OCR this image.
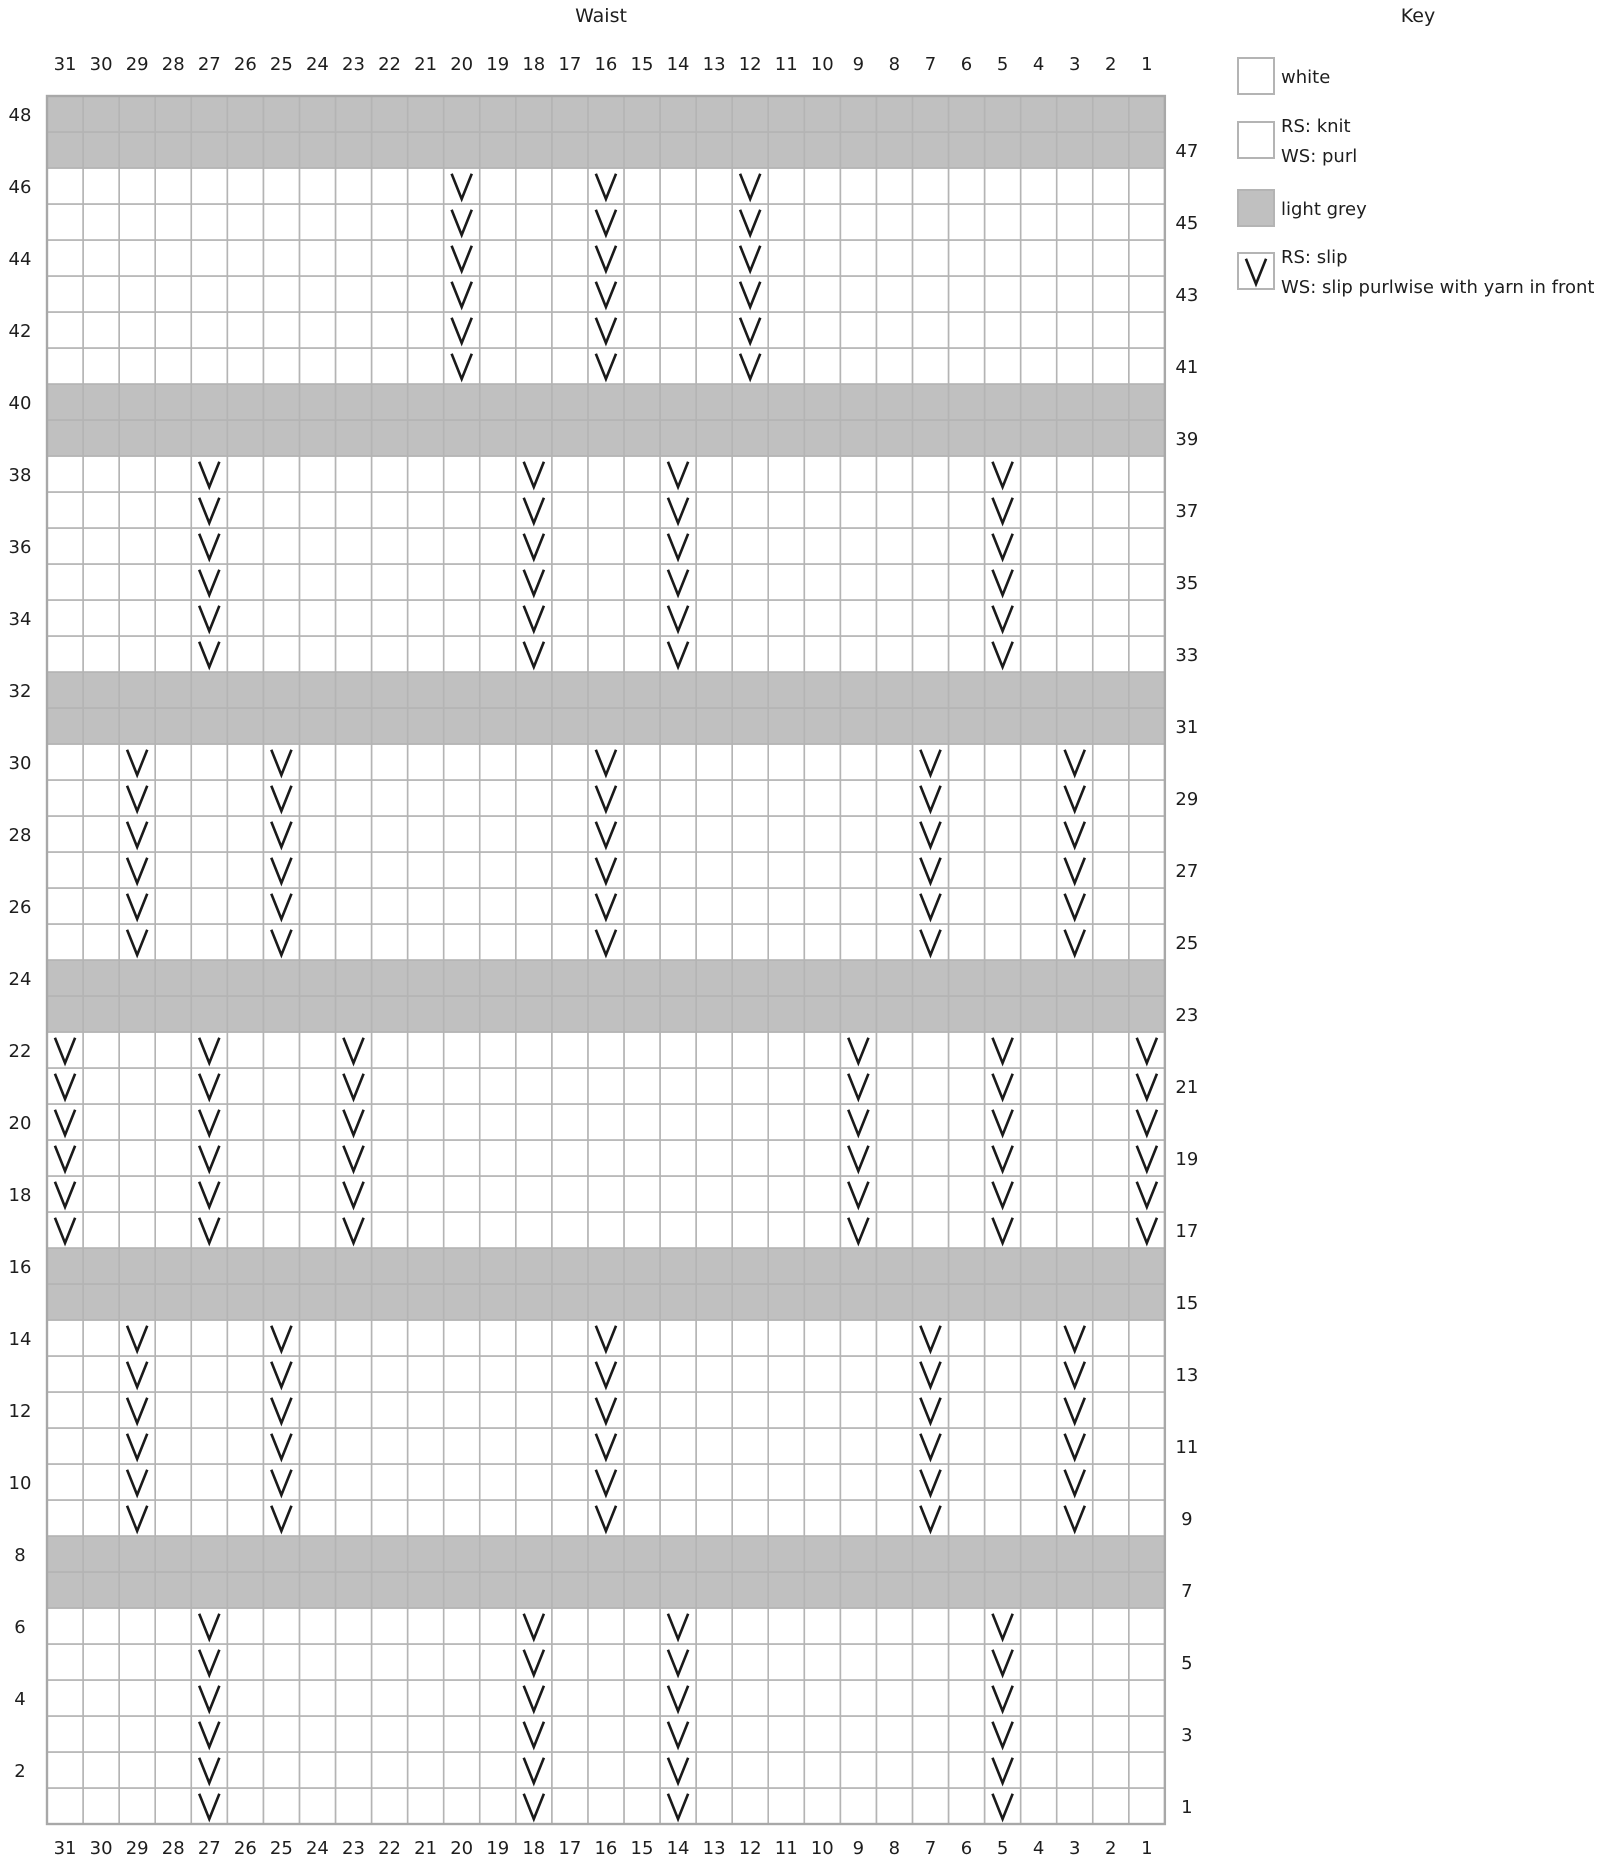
Waist
1
2
3
4
5
6
7
8
9
10
11
12
13
14
15
16
17
18
19
20
21
22
23
24
25
26
27
28
29
30
31
1
2
3
4
5
6
7
8
9
10
11
12
13
14
15
16
17
18
19
20
21
22
23
24
25
26
27
28
29
30
31
2
4
6
8
10
12
14
16
18
20
22
24
26
28
30
32
34
36
38
40
42
44
46
48
1
3
5
7
9
11
13
15
17
19
21
23
25
27
29
31
33
35
37
39
41
43
45
47
Key
white
RS: knit
WS: purl
light grey
RS: slip
WS: slip purlwise with yarn in front
